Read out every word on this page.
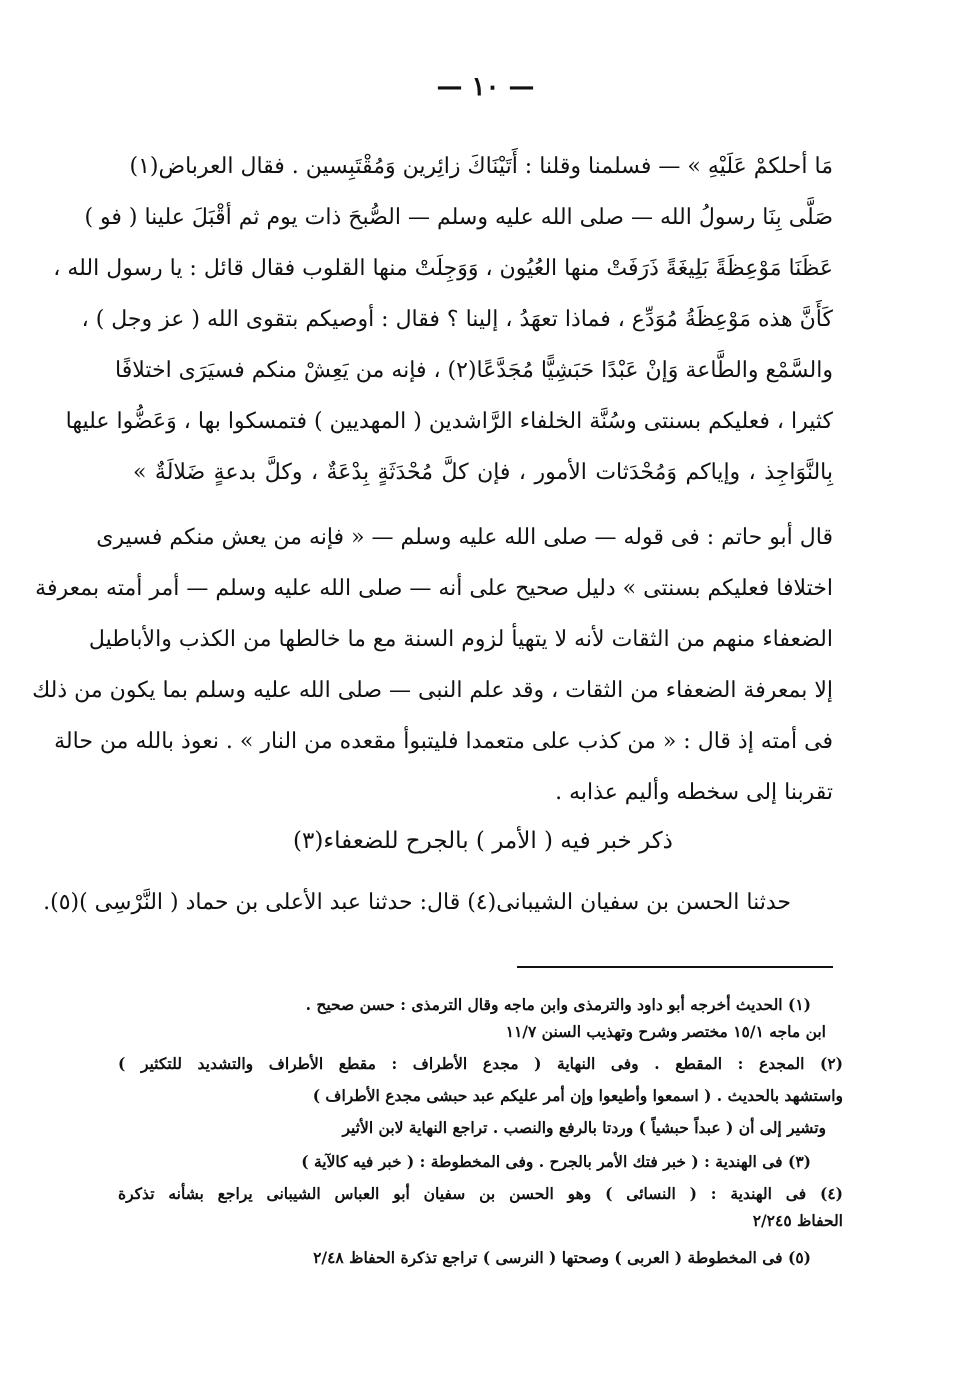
— ١٠ —
مَا أحلكمْ عَلَيْهِ » — فسلمنا وقلنا : أَتَيْنَاكَ زائِرين وَمُقْتَبِسين . فقال العرباض(١)
صَلَّى بِنَا رسولُ الله — صلى الله عليه وسلم — الصُّبحَ ذات يوم ثم أقْبَلَ علينا ( فو )
عَظَنَا مَوْعِظَةً بَلِيغَةً ذَرَفَتْ منها العُيُون ، وَوَجِلَتْ منها القلوب فقال قائل : يا رسول الله ،
كَأَنَّ هذه مَوْعِظَةُ مُوَدِّع ، فماذا تعهَدُ ، إلينا ؟ فقال : أوصيكم بتقوى الله ( عز وجل ) ،
والسَّمْع والطَّاعة وَإنْ عَبْدًا حَبَشِيًّا مُجَدَّعًا(٢) ، فإنه من يَعِشْ منكم فسيَرَى اختلافًا
كثيرا ، فعليكم بسنتى وسُنَّة الخلفاء الرَّاشدين ( المهديين ) فتمسكوا بها ، وَعَضُّوا عليها
بِالنَّوَاجِذ ، وإياكم وَمُحْدَثات الأمور ، فإن كلَّ مُحْدَثَةٍ بِدْعَةٌ ، وكلَّ بدعةٍ ضَلالَةٌ »
قال أبو حاتم : فى قوله — صلى الله عليه وسلم — « فإنه من يعش منكم فسيرى
اختلافا فعليكم بسنتى » دليل صحيح على أنه — صلى الله عليه وسلم — أمر أمته بمعرفة
الضعفاء منهم من الثقات لأنه لا يتهيأ لزوم السنة مع ما خالطها من الكذب والأباطيل
إلا بمعرفة الضعفاء من الثقات ، وقد علم النبى — صلى الله عليه وسلم بما يكون من ذلك
فى أمته إذ قال : « من كذب على متعمدا فليتبوأ مقعده من النار » . نعوذ بالله من حالة
تقربنا إلى سخطه وأليم عذابه .
ذكر خبر فيه ( الأمر ) بالجرح للضعفاء(٣)
حدثنا الحسن بن سفيان الشيبانى(٤) قال: حدثنا عبد الأعلى بن حماد ( النَّرْسِى )(٥).
(١) الحديث أخرجه أبو داود والترمذى وابن ماجه وقال الترمذى : حسن صحيح .
ابن ماجه ١٥/١ مختصر وشرح وتهذيب السنن ١١/٧
(٢) المجدع : المقطع . وفى النهاية ( مجدع الأطراف : مقطع الأطراف والتشديد للتكثير )
واستشهد بالحديث . ( اسمعوا وأطيعوا وإن أمر عليكم عبد حبشى مجدع الأطراف )
وتشير إلى أن ( عبداً حبشياً ) وردتا بالرفع والنصب . تراجع النهاية لابن الأثير
(٣) فى الهندية : ( خبر فتك الأمر بالجرح . وفى المخطوطة : ( خبر فيه كالآية )
(٤) فى الهندية : ( النسائى ) وهو الحسن بن سفيان أبو العباس الشيبانى يراجع بشأنه تذكرة
الحفاظ ٢/٢٤٥
(٥) فى المخطوطة ( العربى ) وصحتها ( النرسى ) تراجع تذكرة الحفاظ ٢/٤٨
